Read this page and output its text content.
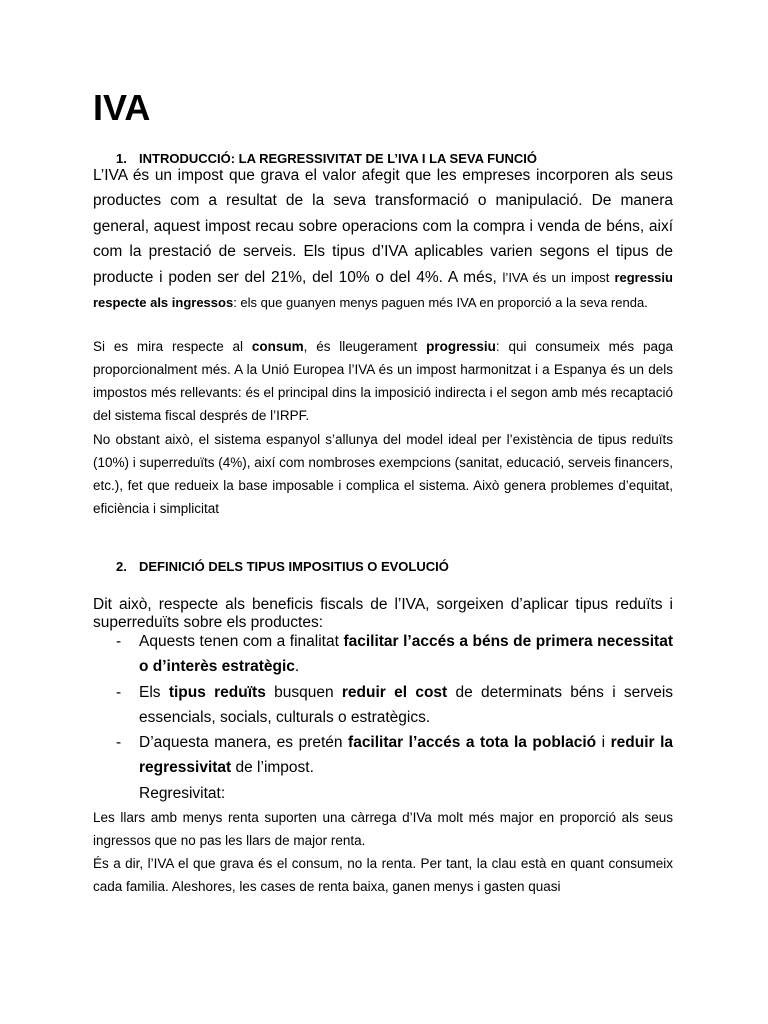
IVA
1. INTRODUCCIÓ: LA REGRESSIVITAT DE L’IVA I LA SEVA FUNCIÓ

L’IVA és un impost que grava el valor afegit que les empreses incorporen als seus productes com a resultat de la seva transformació o manipulació. De manera general, aquest impost recau sobre operacions com la compra i venda de béns, així com la prestació de serveis. Els tipus d’IVA aplicables varien segons el tipus de producte i poden ser del 21%, del 10% o del 4%. A més, l’IVA és un impost regressiu respecte als ingressos: els que guanyen menys paguen més IVA en proporció a la seva renda.

Si es mira respecte al consum, és lleugerament progressiu: qui consumeix més paga proporcionalment més. A la Unió Europea l’IVA és un impost harmonitzat i a Espanya és un dels impostos més rellevants: és el principal dins la imposició indirecta i el segon amb més recaptació del sistema fiscal després de l’IRPF.

No obstant això, el sistema espanyol s’allunya del model ideal per l’existència de tipus reduïts (10%) i superreduïts (4%), així com nombroses exempcions (sanitat, educació, serveis financers, etc.), fet que redueix la base imposable i complica el sistema. Això genera problemes d’equitat, eficiència i simplicitat

2. DEFINICIÓ DELS TIPUS IMPOSITIUS O EVOLUCIÓ

Dit això, respecte als beneficis fiscals de l’IVA, sorgeixen d’aplicar tipus reduïts i superreduïts sobre els productes:

-	Aquests tenen com a finalitat facilitar l’accés a béns de primera necessitat o d’interès estratègic.
-	Els tipus reduïts busquen reduir el cost de determinats béns i serveis essencials, socials, culturals o estratègics.
-	D’aquesta manera, es pretén facilitar l’accés a tota la població i reduir la regressivitat de l’impost.

Regresivitat:

Les llars amb menys renta suporten una càrrega d’IVa molt més major en proporció als seus ingressos que no pas les llars de major renta.

És a dir, l’IVA el que grava és el consum, no la renta. Per tant, la clau està en quant consumeix cada familia. Aleshores, les cases de renta baixa, ganen menys i gasten quasi
